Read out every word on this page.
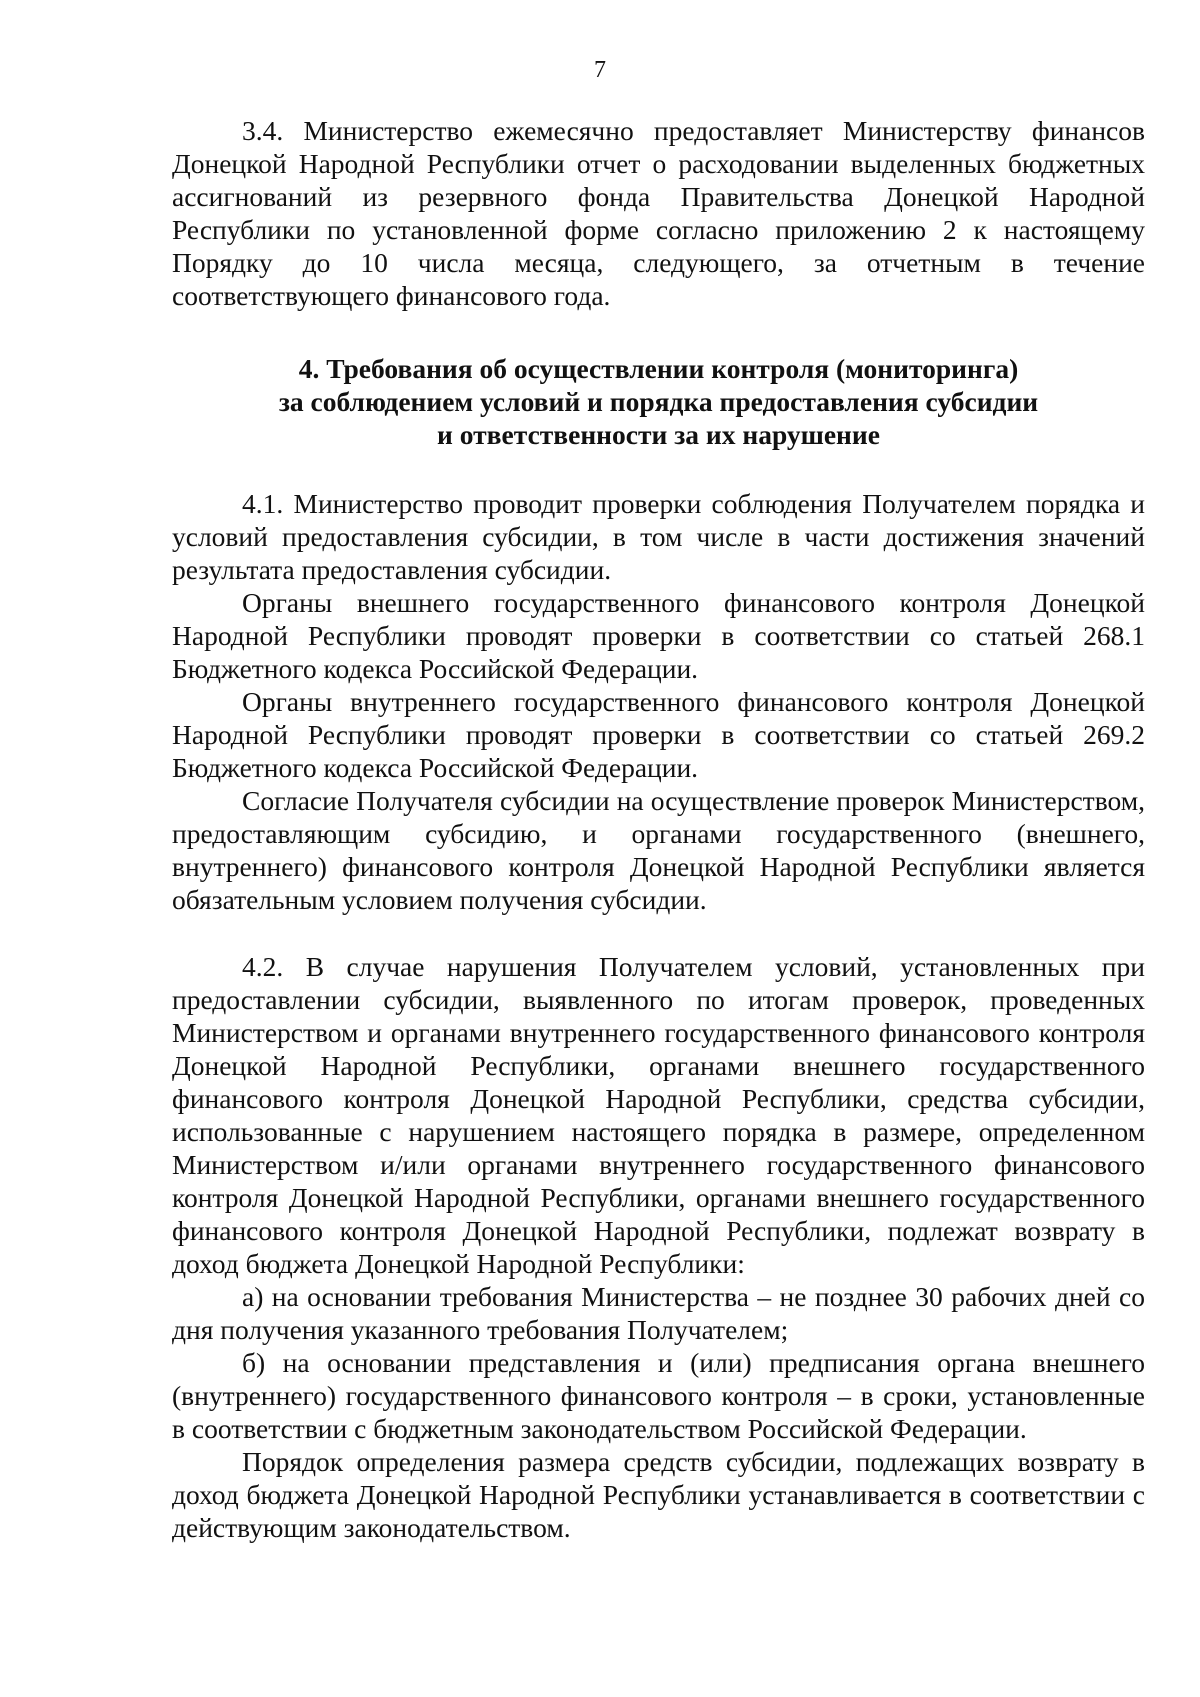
7

3.4. Министерство ежемесячно предоставляет Министерству финансов Донецкой Народной Республики отчет о расходовании выделенных бюджетных ассигнований из резервного фонда Правительства Донецкой Народной Республики по установленной форме согласно приложению 2 к настоящему Порядку до 10 числа месяца, следующего, за отчетным в течение соответствующего финансового года.

4. Требования об осуществлении контроля (мониторинга)
за соблюдением условий и порядка предоставления субсидии
и ответственности за их нарушение

4.1. Министерство проводит проверки соблюдения Получателем порядка и условий предоставления субсидии, в том числе в части достижения значений результата предоставления субсидии.

Органы внешнего государственного финансового контроля Донецкой Народной Республики проводят проверки в соответствии со статьей 268.1 Бюджетного кодекса Российской Федерации.

Органы внутреннего государственного финансового контроля Донецкой Народной Республики проводят проверки в соответствии со статьей 269.2 Бюджетного кодекса Российской Федерации.

Согласие Получателя субсидии на осуществление проверок Министерством, предоставляющим субсидию, и органами государственного (внешнего, внутреннего) финансового контроля Донецкой Народной Республики является обязательным условием получения субсидии.

4.2. В случае нарушения Получателем условий, установленных при предоставлении субсидии, выявленного по итогам проверок, проведенных Министерством и органами внутреннего государственного финансового контроля Донецкой Народной Республики, органами внешнего государственного финансового контроля Донецкой Народной Республики, средства субсидии, использованные с нарушением настоящего порядка в размере, определенном Министерством и/или органами внутреннего государственного финансового контроля Донецкой Народной Республики, органами внешнего государственного финансового контроля Донецкой Народной Республики, подлежат возврату в доход бюджета Донецкой Народной Республики:

а) на основании требования Министерства – не позднее 30 рабочих дней со дня получения указанного требования Получателем;

б) на основании представления и (или) предписания органа внешнего (внутреннего) государственного финансового контроля – в сроки, установленные в соответствии с бюджетным законодательством Российской Федерации.

Порядок определения размера средств субсидии, подлежащих возврату в доход бюджета Донецкой Народной Республики устанавливается в соответствии с действующим законодательством.
